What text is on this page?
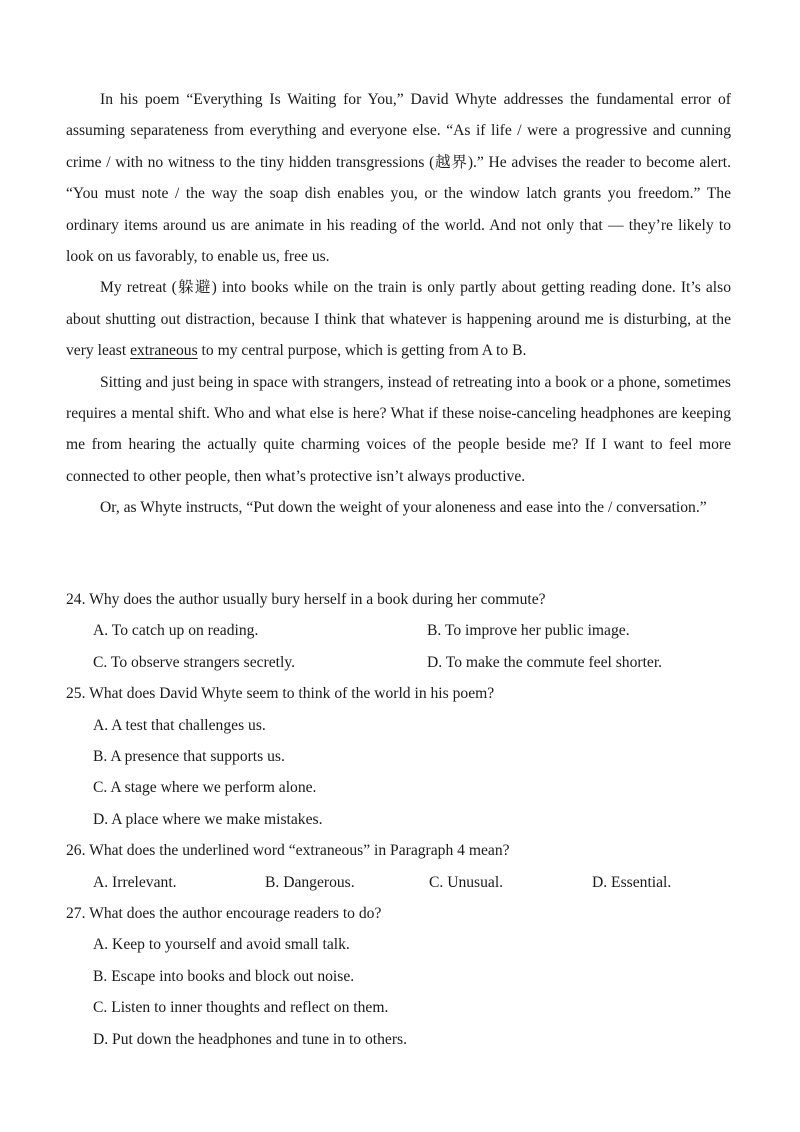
In his poem “Everything Is Waiting for You,” David Whyte addresses the fundamental error of assuming separateness from everything and everyone else. “As if life / were a progressive and cunning crime / with no witness to the tiny hidden transgressions (越界).” He advises the reader to become alert. “You must note / the way the soap dish enables you, or the window latch grants you freedom.” The ordinary items around us are animate in his reading of the world. And not only that — they’re likely to look on us favorably, to enable us, free us.

My retreat (躲避) into books while on the train is only partly about getting reading done. It’s also about shutting out distraction, because I think that whatever is happening around me is disturbing, at the very least extraneous to my central purpose, which is getting from A to B.

Sitting and just being in space with strangers, instead of retreating into a book or a phone, sometimes requires a mental shift. Who and what else is here? What if these noise-canceling headphones are keeping me from hearing the actually quite charming voices of the people beside me? If I want to feel more connected to other people, then what’s protective isn’t always productive.

Or, as Whyte instructs, “Put down the weight of your aloneness and ease into the / conversation.”

24. Why does the author usually bury herself in a book during her commute?
A. To catch up on reading.	B. To improve her public image.
C. To observe strangers secretly.	D. To make the commute feel shorter.
25. What does David Whyte seem to think of the world in his poem?
A. A test that challenges us.
B. A presence that supports us.
C. A stage where we perform alone.
D. A place where we make mistakes.
26. What does the underlined word “extraneous” in Paragraph 4 mean?
A. Irrelevant.	B. Dangerous.	C. Unusual.	D. Essential.
27. What does the author encourage readers to do?
A. Keep to yourself and avoid small talk.
B. Escape into books and block out noise.
C. Listen to inner thoughts and reflect on them.
D. Put down the headphones and tune in to others.
